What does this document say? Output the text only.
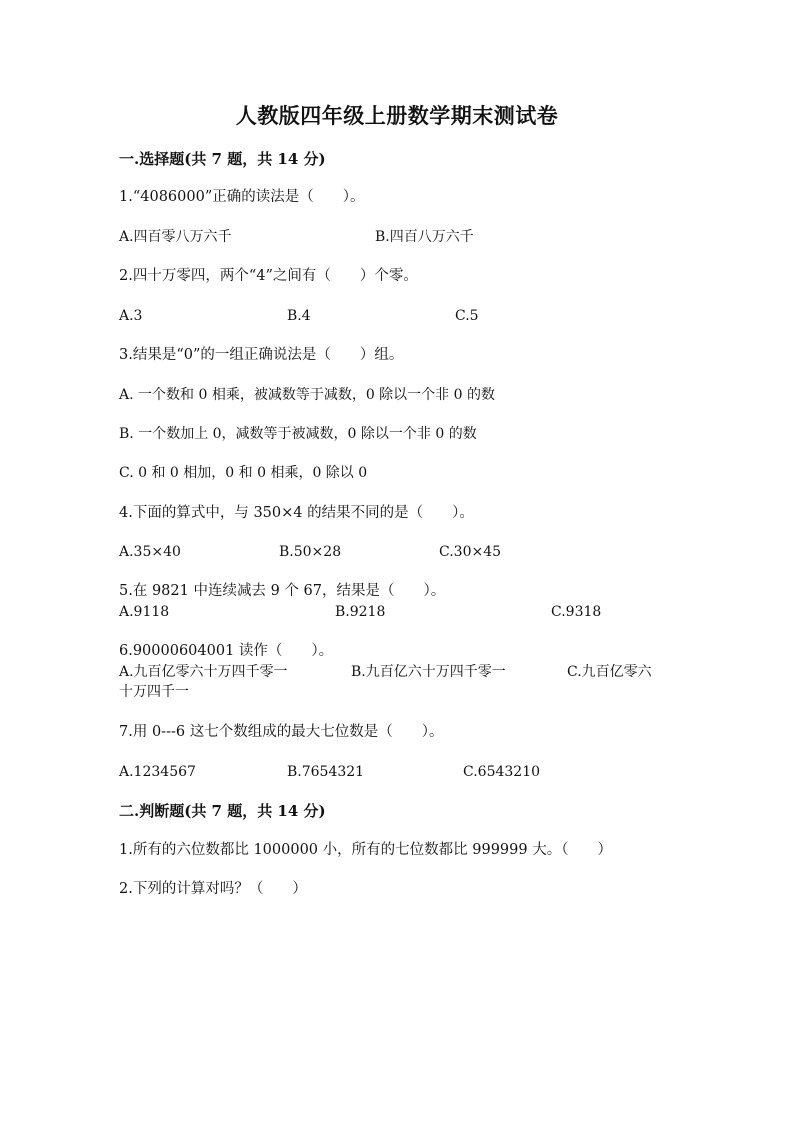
人教版四年级上册数学期末测试卷
一.选择题(共 7 题，共 14 分)
1.“4086000”正确的读法是（　　）。
A.四百零八万六千	B.四百八万六千
2.四十万零四，两个“4”之间有（　　）个零。
A.3	B.4	C.5
3.结果是“0”的一组正确说法是（　　）组。
A. 一个数和 0 相乘，被减数等于减数，0 除以一个非 0 的数
B. 一个数加上 0，减数等于被减数，0 除以一个非 0 的数
C. 0 和 0 相加，0 和 0 相乘，0 除以 0
4.下面的算式中，与 350×4 的结果不同的是（　　）。
A.35×40	B.50×28	C.30×45
5.在 9821 中连续减去 9 个 67，结果是（　　）。
A.9118	B.9218	C.9318
6.90000604001 读作（　　）。
A.九百亿零六十万四千零一	B.九百亿六十万四千零一	C.九百亿零六
十万四千一
7.用 0---6 这七个数组成的最大七位数是（　　）。
A.1234567	B.7654321	C.6543210
二.判断题(共 7 题，共 14 分)
1.所有的六位数都比 1000000 小，所有的七位数都比 999999 大。（　　）
2.下列的计算对吗？（　　）
